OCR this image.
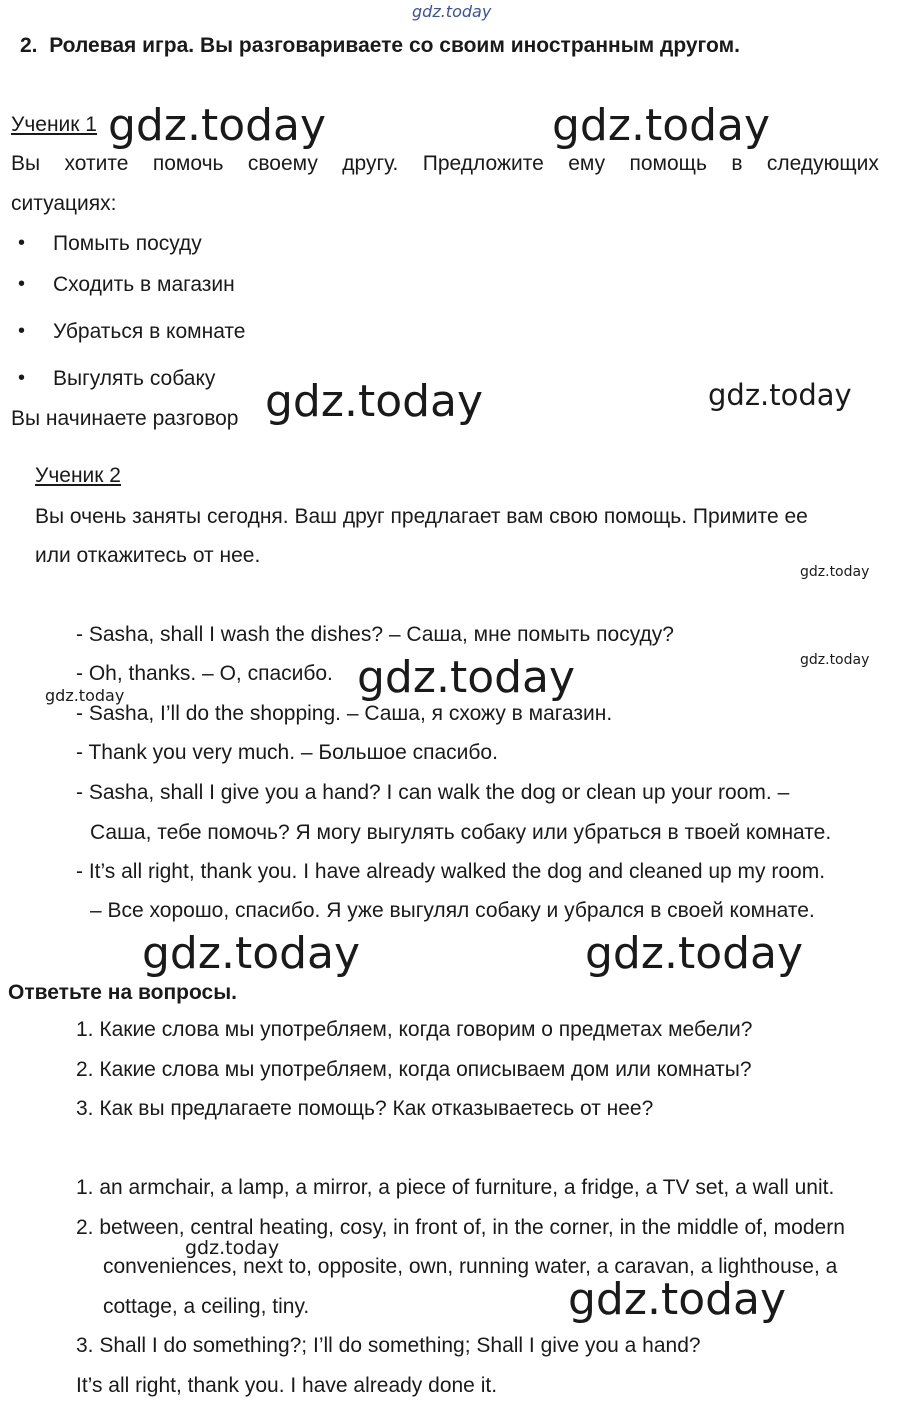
gdz.today
2. Ролевая игра. Вы разговариваете со своим иностранным другом.
Ученик 1 gdz.today	gdz.today
Вы хотите помочь своему другу. Предложите ему помощь в следующих
ситуациях:
• Помыть посуду
• Сходить в магазин
• Убраться в комнате
• Выгулять собаку
Вы начинаете разговор gdz.today	gdz.today
Ученик 2
Вы очень заняты сегодня. Ваш друг предлагает вам свою помощь. Примите ее
или откажитесь от нее.
gdz.today
- Sasha, shall I wash the dishes? – Саша, мне помыть посуду?
gdz.today
- Oh, thanks. – О, спасибо. gdz.today
gdz.today
- Sasha, I’ll do the shopping. – Саша, я схожу в магазин.
- Thank you very much. – Большое спасибо.
- Sasha, shall I give you a hand? I can walk the dog or clean up your room. –
Саша, тебе помочь? Я могу выгулять собаку или убраться в твоей комнате.
- It’s all right, thank you. I have already walked the dog and cleaned up my room.
– Все хорошо, спасибо. Я уже выгулял собаку и убрался в своей комнате.
gdz.today	gdz.today
Ответьте на вопросы.
1. Какие слова мы употребляем, когда говорим о предметах мебели?
2. Какие слова мы употребляем, когда описываем дом или комнаты?
3. Как вы предлагаете помощь? Как отказываетесь от нее?
1. an armchair, a lamp, a mirror, a piece of furniture, a fridge, a TV set, a wall unit.
2. between, central heating, cosy, in front of, in the corner, in the middle of, modern
gdz.today
conveniences, next to, opposite, own, running water, a caravan, a lighthouse, a
cottage, a ceiling, tiny.	gdz.today
3. Shall I do something?; I’ll do something; Shall I give you a hand?
It’s all right, thank you. I have already done it.
